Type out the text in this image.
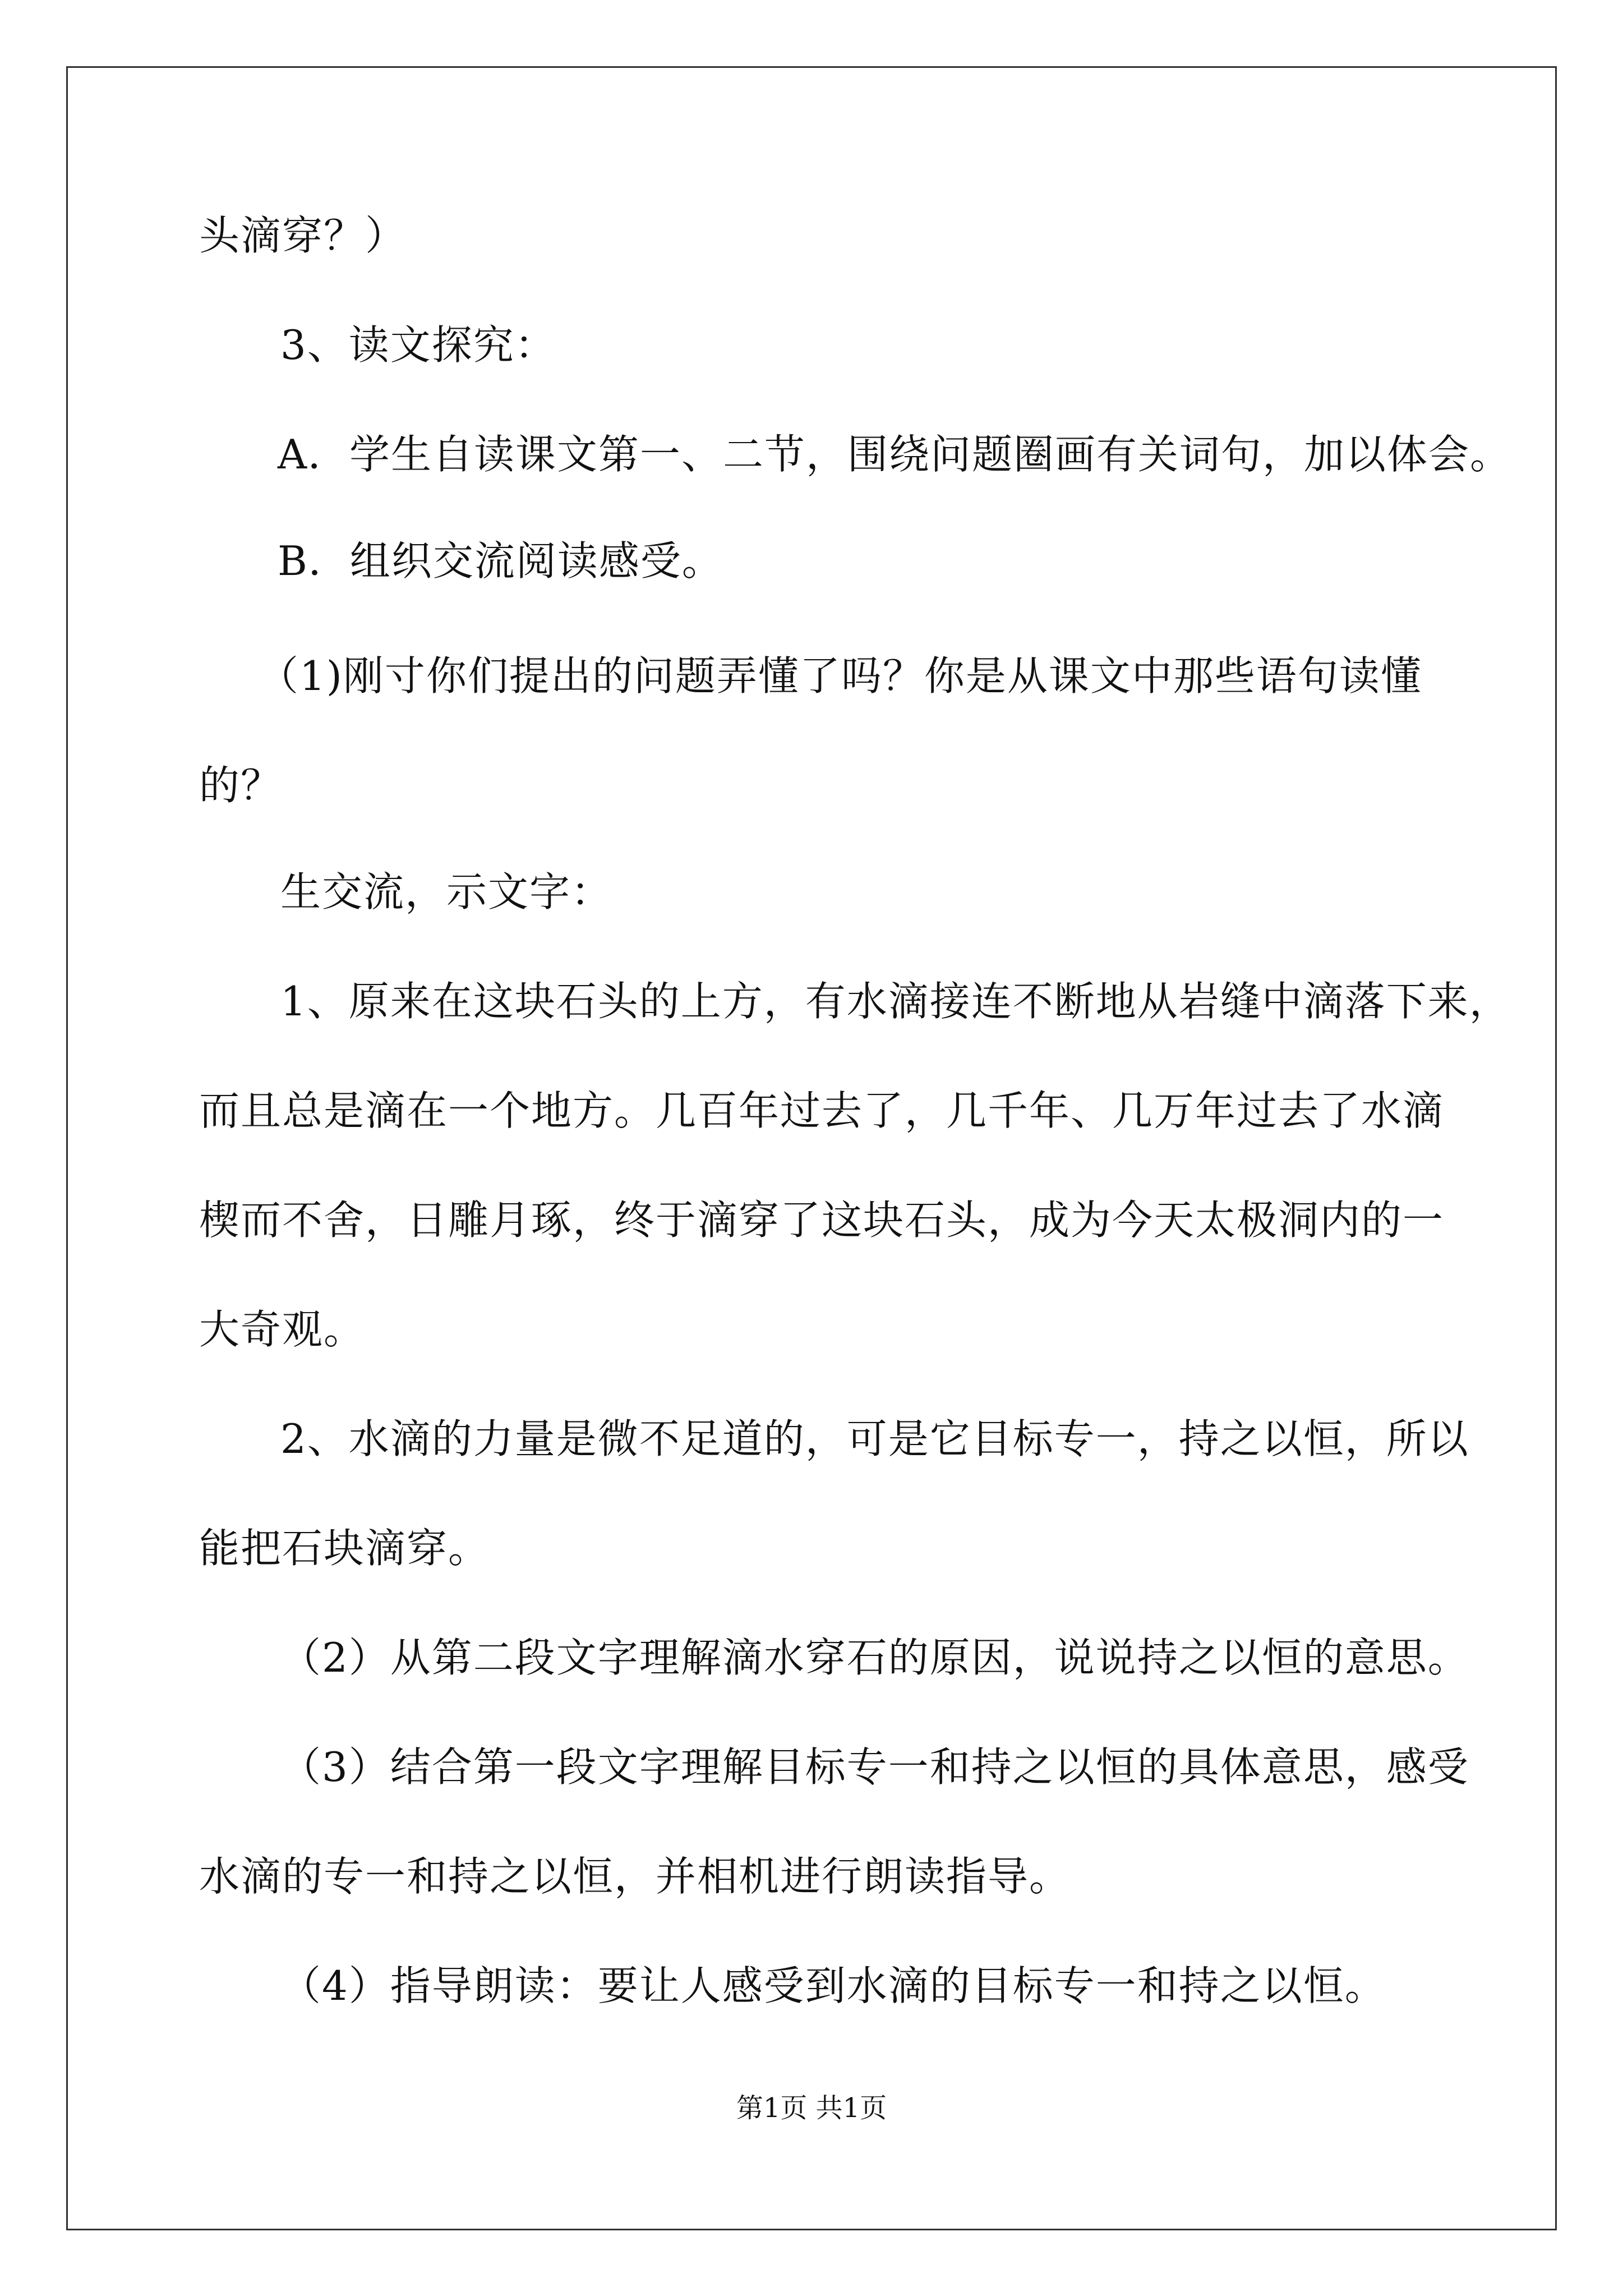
头滴穿？）
3、读文探究：
A．学生自读课文第一、二节，围绕问题圈画有关词句，加以体会。
B．组织交流阅读感受。
（1)刚寸你们提出的问题弄懂了吗？你是从课文中那些语句读懂
的？
生交流，示文字：
1、原来在这块石头的上方，有水滴接连不断地从岩缝中滴落下来，
而且总是滴在一个地方。几百年过去了，几千年、几万年过去了水滴
楔而不舍，日雕月琢，终于滴穿了这块石头，成为今天太极洞内的一
大奇观。
2、水滴的力量是微不足道的，可是它目标专一，持之以恒，所以
能把石块滴穿。
（2）从第二段文字理解滴水穿石的原因，说说持之以恒的意思。
（3）结合第一段文字理解目标专一和持之以恒的具体意思，感受
水滴的专一和持之以恒，并相机进行朗读指导。
（4）指导朗读：要让人感受到水滴的目标专一和持之以恒。
第1页 共1页
